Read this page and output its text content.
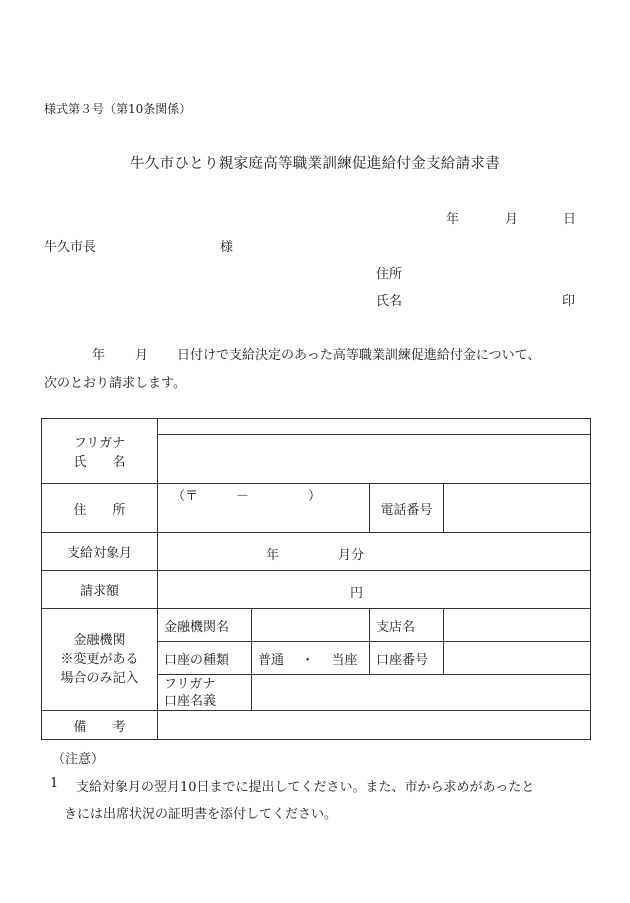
様式第３号（第10条関係）
牛久市ひとり親家庭高等職業訓練促進給付金支給請求書
年	月	日
牛久市長	様
住所
氏名	印
年 月 日付けで支給決定のあった高等職業訓練促進給付金について、
次のとおり請求します。
フリガナ
氏　　名				

住　　所	（〒 － ）		電話番号	
支給対象月	年 月分			

請求額	円			

金融機関
※変更がある
場合のみ記入	金融機関名		支店名	
	口座の種類	普通 ・ 当座	口座番号	

	フリガナ
口座名義			

備　　考				
（注意）
1 支給対象月の翌月10日までに提出してください。また、市から求めがあったと
きには出席状況の証明書を添付してください。
